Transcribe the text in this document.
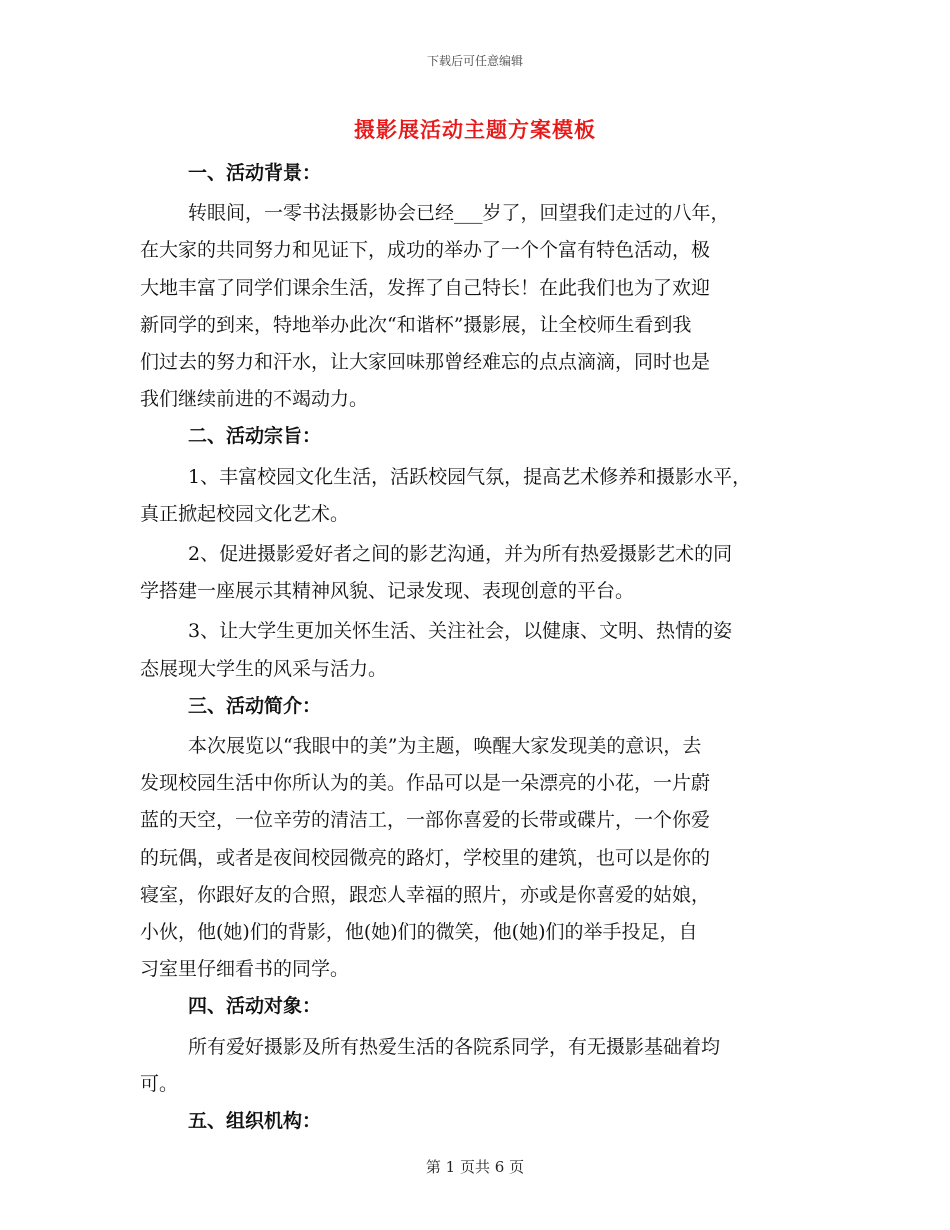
下载后可任意编辑
摄影展活动主题方案模板
一、活动背景：
转眼间，一零书法摄影协会已经___岁了，回望我们走过的八年，
在大家的共同努力和见证下，成功的举办了一个个富有特色活动，极
大地丰富了同学们课余生活，发挥了自己特长！在此我们也为了欢迎
新同学的到来，特地举办此次“和谐杯”摄影展，让全校师生看到我
们过去的努力和汗水，让大家回味那曾经难忘的点点滴滴，同时也是
我们继续前进的不竭动力。
二、活动宗旨：
1、丰富校园文化生活，活跃校园气氛，提高艺术修养和摄影水平，
真正掀起校园文化艺术。
2、促进摄影爱好者之间的影艺沟通，并为所有热爱摄影艺术的同
学搭建一座展示其精神风貌、记录发现、表现创意的平台。
3、让大学生更加关怀生活、关注社会，以健康、文明、热情的姿
态展现大学生的风采与活力。
三、活动简介：
本次展览以“我眼中的美”为主题，唤醒大家发现美的意识，去
发现校园生活中你所认为的美。作品可以是一朵漂亮的小花，一片蔚
蓝的天空，一位辛劳的清洁工，一部你喜爱的长带或碟片，一个你爱
的玩偶，或者是夜间校园微亮的路灯，学校里的建筑，也可以是你的
寝室，你跟好友的合照，跟恋人幸福的照片，亦或是你喜爱的姑娘，
小伙，他(她)们的背影，他(她)们的微笑，他(她)们的举手投足，自
习室里仔细看书的同学。
四、活动对象：
所有爱好摄影及所有热爱生活的各院系同学，有无摄影基础着均
可。
五、组织机构：
第 1 页共 6 页
